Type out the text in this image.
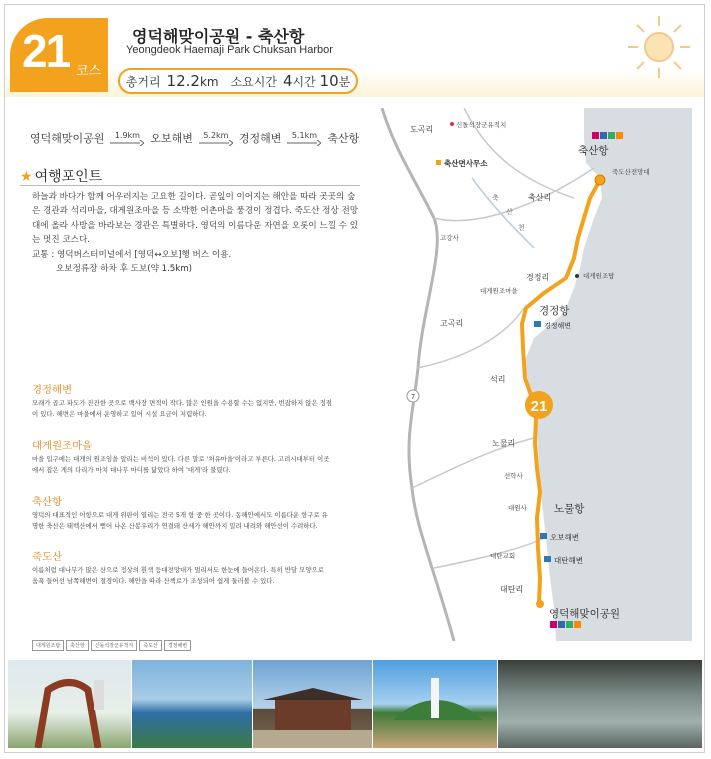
21 코스
영덕해맞이공원 - 축산항
Yeongdeok Haemaji Park Chuksan Harbor
총거리 12.2km 소요시간 4시간 10분
영덕해맞이공원 1.9km 오보해변 5.2km 경정해변 5.1km 축산항
★ 여행포인트
하늘과 바다가 함께 어우러지는 고요한 길이다. 곧잎이 이어지는 해안을 따라 곳곳의 숲은 경관과 석리마을, 대게원조마을 등 소박한 어촌마을 풍경이 정겹다. 죽도산 정상 전망대에 올라 사방을 바라보는 경관은 특별하다. 영덕의 이름다운 자연을 오롯이 느낄 수 있는 멋진 코스다.
교통 : 영덕버스터미널에서 [영덕↔오보]행 버스 이용.
오보정류장 하차 후 도보(약 1.5km)
경정해변
모래가 곱고 파도가 잔잔한 곳으로 백사장 면적이 작다. 많은 인원을 수용할 수는 없지만, 번잡하지 않은 정점이 있다. 해변은 마을에서 운영하고 있어 시설 요금이 저렴하다.
대게원조마을
마을 입구에는 대게의 원조임을 알리는 비석이 있다. 다른 말로 '처유마을'이라고 부른다. 고려시대부터 이곳에서 잡은 게의 다리가 마치 대나무 마디를 닮았다 하여 '대게'라 불렸다.
축산항
영덕의 대표적인 어항으로 대게 위판이 열리는 전국 5개 항 중 한 곳이다. 동해안에서도 이름다운 항구로 유명한 축산은 태백산에서 뻗어 나온 산봉우리가 연결돼 산세가 해안까지 밀려 내려와 해안선이 수려하다.
죽도산
이름처럼 대나무가 많은 산으로 정상의 흰색 등대전망대가 멀리서도 한눈에 들어온다. 특히 반달 모양으로 움푹 들어선 남쪽해변이 절경이다. 해안을 따라 산책로가 조성되어 쉽게 둘러볼 수 있다.
대게원조탑	축산항	신돌석장군유적지	죽도산	경정해변
7
21
축산항
경정항
노물항
영덕해맞이공원
도곡리
축산리
경정리
고곡리
석리
노물리
대탄리
신돌석장군유적지
축산면사무소
죽도산전망대
대게원조탑
대게원조마을
고강사
선학사
대원사
대탄교회
축
산
천
경정해변
오보해변
대탄해변
